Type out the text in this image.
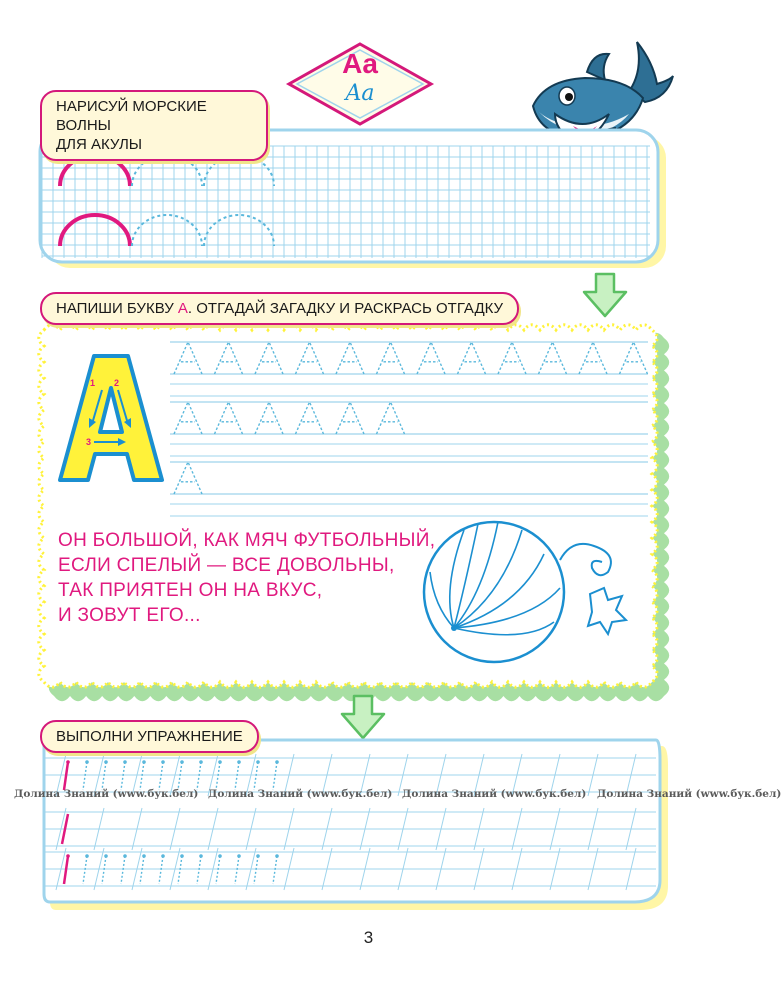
Aa
Aa
НАРИСУЙ МОРСКИЕ ВОЛНЫ
ДЛЯ АКУЛЫ
НАПИШИ БУКВУ А. ОТГАДАЙ ЗАГАДКУ И РАСКРАСЬ ОТГАДКУ
1 2
3
ОН БОЛЬШОЙ, КАК МЯЧ ФУТБОЛЬНЫЙ,
ЕСЛИ СПЕЛЫЙ — ВСЕ ДОВОЛЬНЫ,
ТАК ПРИЯТЕН ОН НА ВКУС,
И ЗОВУТ ЕГО...
ВЫПОЛНИ УПРАЖНЕНИЕ
Долина Знаний (www.бук.бел) Долина Знаний (www.бук.бел) Долина Знаний (www.бук.бел) Долина Знаний (www.бук.бел)
3
